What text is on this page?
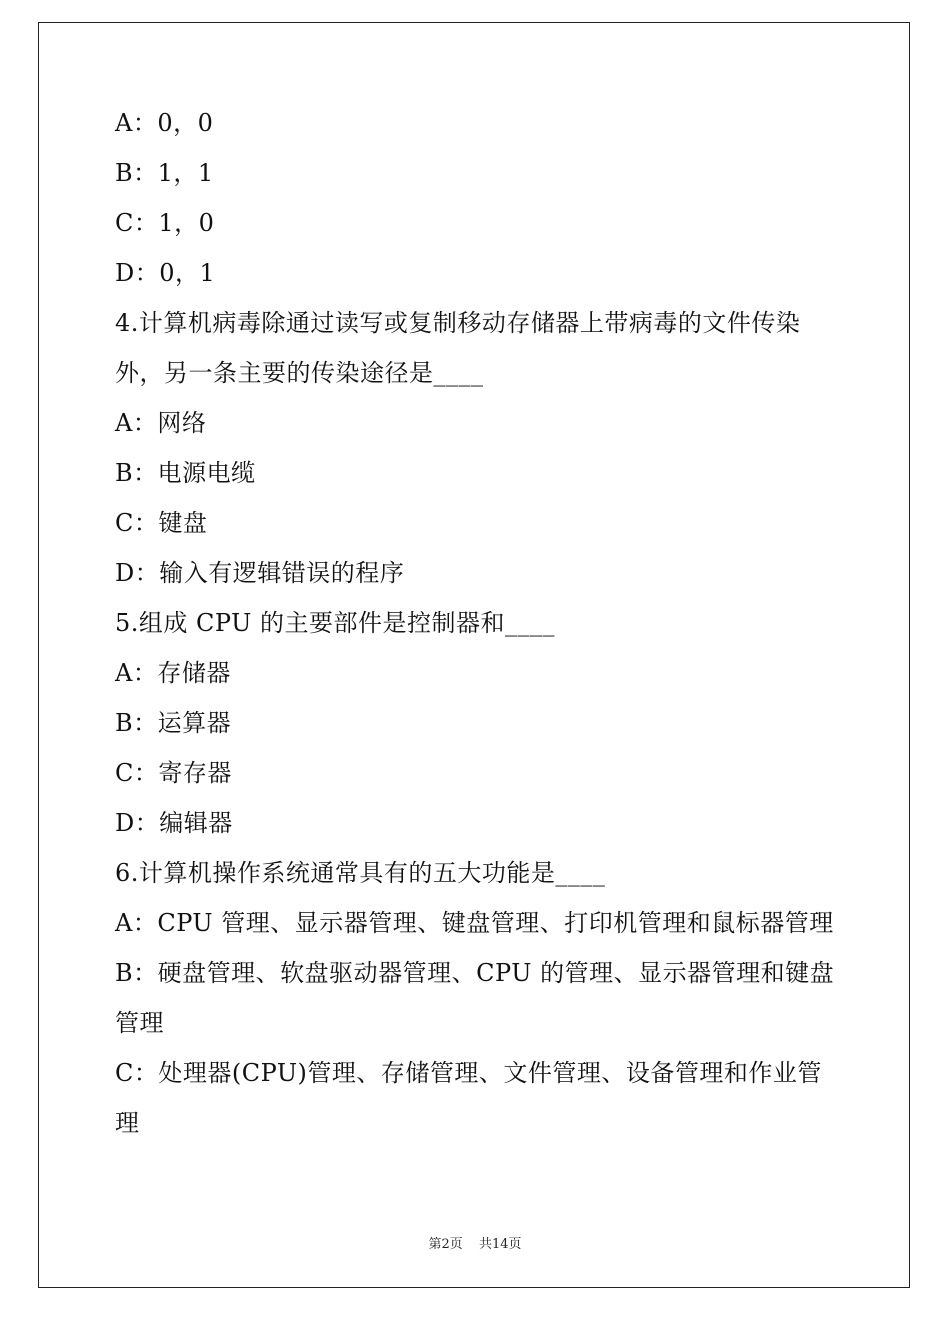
A：0，0
B：1，1
C：1，0
D：0，1
4.计算机病毒除通过读写或复制移动存储器上带病毒的文件传染
外，另一条主要的传染途径是____
A：网络
B：电源电缆
C：键盘
D：输入有逻辑错误的程序
5.组成 CPU 的主要部件是控制器和____
A：存储器
B：运算器
C：寄存器
D：编辑器
6.计算机操作系统通常具有的五大功能是____
A：CPU 管理、显示器管理、键盘管理、打印机管理和鼠标器管理
B：硬盘管理、软盘驱动器管理、CPU 的管理、显示器管理和键盘
管理
C：处理器(CPU)管理、存储管理、文件管理、设备管理和作业管
理
第2页 共14页
